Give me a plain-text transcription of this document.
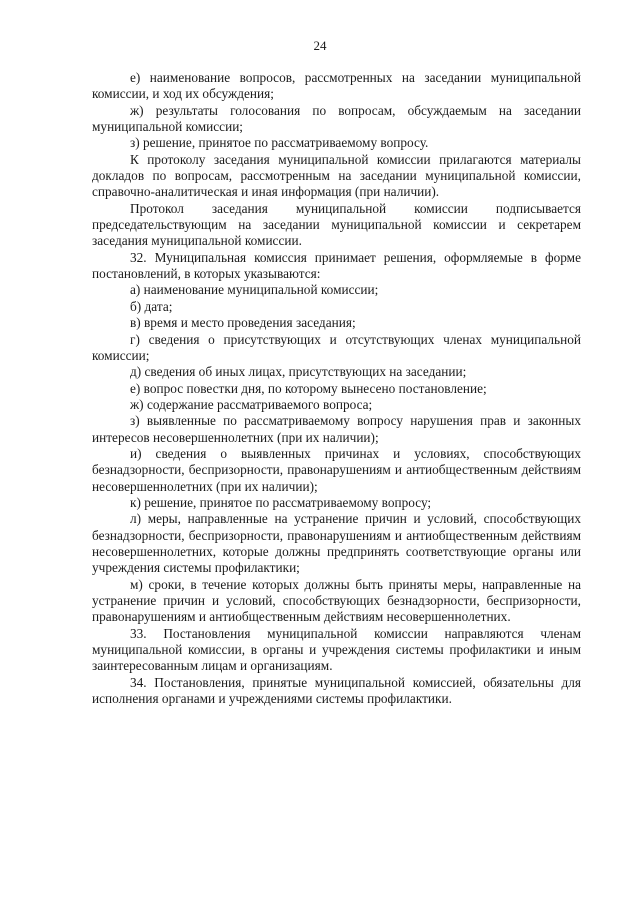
24

е) наименование вопросов, рассмотренных на заседании муниципальной комиссии, и ход их обсуждения;

ж) результаты голосования по вопросам, обсуждаемым на заседании муниципальной комиссии;

з) решение, принятое по рассматриваемому вопросу.

К протоколу заседания муниципальной комиссии прилагаются материалы докладов по вопросам, рассмотренным на заседании муниципальной комиссии, справочно-аналитическая и иная информация (при наличии).

Протокол заседания муниципальной комиссии подписывается председательствующим на заседании муниципальной комиссии и секретарем заседания муниципальной комиссии.

32. Муниципальная комиссия принимает решения, оформляемые в форме постановлений, в которых указываются:

а) наименование муниципальной комиссии;

б) дата;

в) время и место проведения заседания;

г) сведения о присутствующих и отсутствующих членах муниципальной комиссии;

д) сведения об иных лицах, присутствующих на заседании;

е) вопрос повестки дня, по которому вынесено постановление;

ж) содержание рассматриваемого вопроса;

з) выявленные по рассматриваемому вопросу нарушения прав и законных интересов несовершеннолетних (при их наличии);

и) сведения о выявленных причинах и условиях, способствующих безнадзорности, беспризорности, правонарушениям и антиобщественным действиям несовершеннолетних (при их наличии);

к) решение, принятое по рассматриваемому вопросу;

л) меры, направленные на устранение причин и условий, способствующих безнадзорности, беспризорности, правонарушениям и антиобщественным действиям несовершеннолетних, которые должны предпринять соответствующие органы или учреждения системы профилактики;

м) сроки, в течение которых должны быть приняты меры, направленные на устранение причин и условий, способствующих безнадзорности, беспризорности, правонарушениям и антиобщественным действиям несовершеннолетних.

33. Постановления муниципальной комиссии направляются членам муниципальной комиссии, в органы и учреждения системы профилактики и иным заинтересованным лицам и организациям.

34. Постановления, принятые муниципальной комиссией, обязательны для исполнения органами и учреждениями системы профилактики.
